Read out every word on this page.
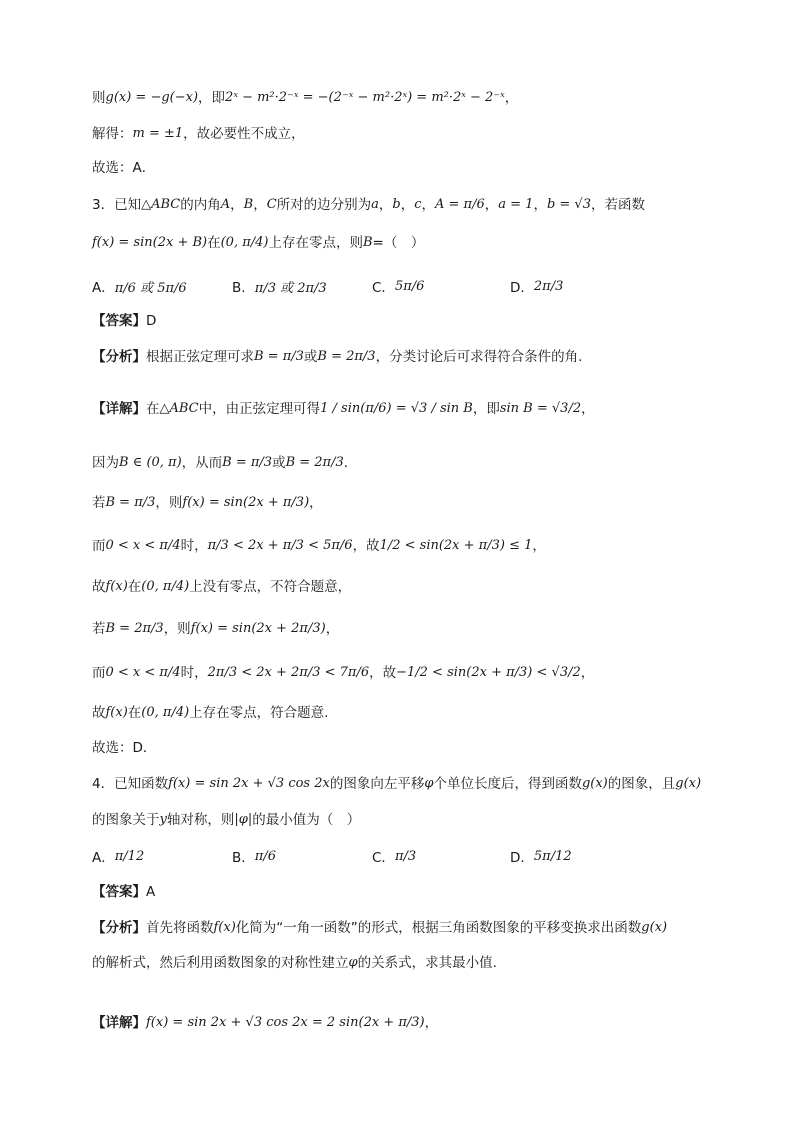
则 g(x) = −g(−x) ，即 2ˣ − m²·2⁻ˣ = −(2⁻ˣ − m²·2ˣ) = m²·2ˣ − 2⁻ˣ ，
解得： m = ±1 ，故必要性不成立，
故选：A．
3．已知 △ABC 的内角 A ， B ， C 所对的边分别为 a ， b ， c ， A = π/6 ， a = 1 ， b = √3 ，若函数
f(x) = sin(2x + B) 在 (0, π/4) 上存在零点，则 B =（　）
【答案】 D
【分析】 根据正弦定理可求 B = π/3 或 B = 2π/3 ，分类讨论后可求得符合条件的角.
【详解】 在 △ABC 中，由正弦定理可得 1 / sin(π/6) = √3 / sin B ，即 sin B = √3/2 ，
因为 B ∈ (0, π) ，从而 B = π/3 或 B = 2π/3 ．
若 B = π/3 ，则 f(x) = sin(2x + π/3) ，
而 0 < x < π/4 时， π/3 < 2x + π/3 < 5π/6 ，故 1/2 < sin(2x + π/3) ≤ 1 ，
故 f(x) 在 (0, π/4) 上没有零点，不符合题意，
若 B = 2π/3 ，则 f(x) = sin(2x + 2π/3) ，
而 0 < x < π/4 时， 2π/3 < 2x + 2π/3 < 7π/6 ，故 −1/2 < sin(2x + π/3) < √3/2 ，
故 f(x) 在 (0, π/4) 上存在零点，符合题意.
故选：D．
4．已知函数 f(x) = sin 2x + √3 cos 2x 的图象向左平移 φ 个单位长度后，得到函数 g(x) 的图象，且 g(x)
的图象关于 y 轴对称，则 |φ| 的最小值为（　）
【答案】 A
【分析】 首先将函数 f(x) 化简为“一角一函数”的形式，根据三角函数图象的平移变换求出函数 g(x)
的解析式，然后利用函数图象的对称性建立 φ 的关系式，求其最小值.
【详解】 f(x) = sin 2x + √3 cos 2x = 2 sin(2x + π/3) ，
A． π/6 或 5π/6	B． π/3 或 2π/3	C． 5π/6	D． 2π/3
A． π/12	B． π/6	C． π/3	D． 5π/12
